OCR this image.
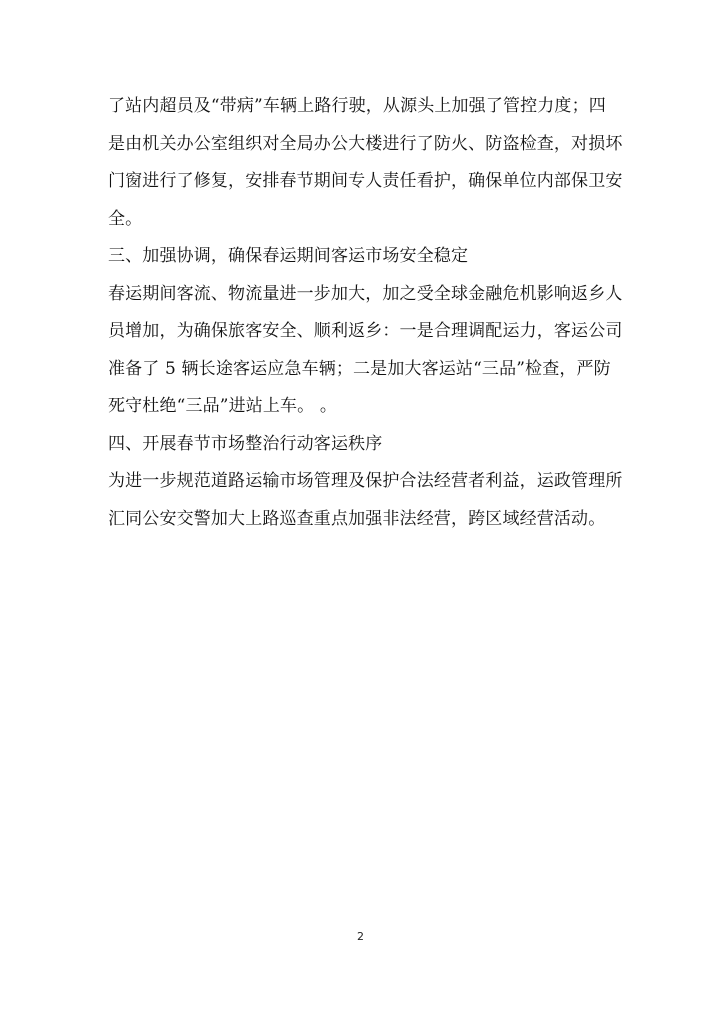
了站内超员及“带病”车辆上路行驶，从源头上加强了管控力度；四
是由机关办公室组织对全局办公大楼进行了防火、防盗检查，对损坏
门窗进行了修复，安排春节期间专人责任看护，确保单位内部保卫安
全。
三、加强协调，确保春运期间客运市场安全稳定
春运期间客流、物流量进一步加大，加之受全球金融危机影响返乡人
员增加，为确保旅客安全、顺利返乡：一是合理调配运力，客运公司
准备了 5 辆长途客运应急车辆；二是加大客运站“三品”检查，严防
死守杜绝“三品”进站上车。 。
四、开展春节市场整治行动客运秩序
为进一步规范道路运输市场管理及保护合法经营者利益，运政管理所
汇同公安交警加大上路巡查重点加强非法经营，跨区域经营活动。
2
